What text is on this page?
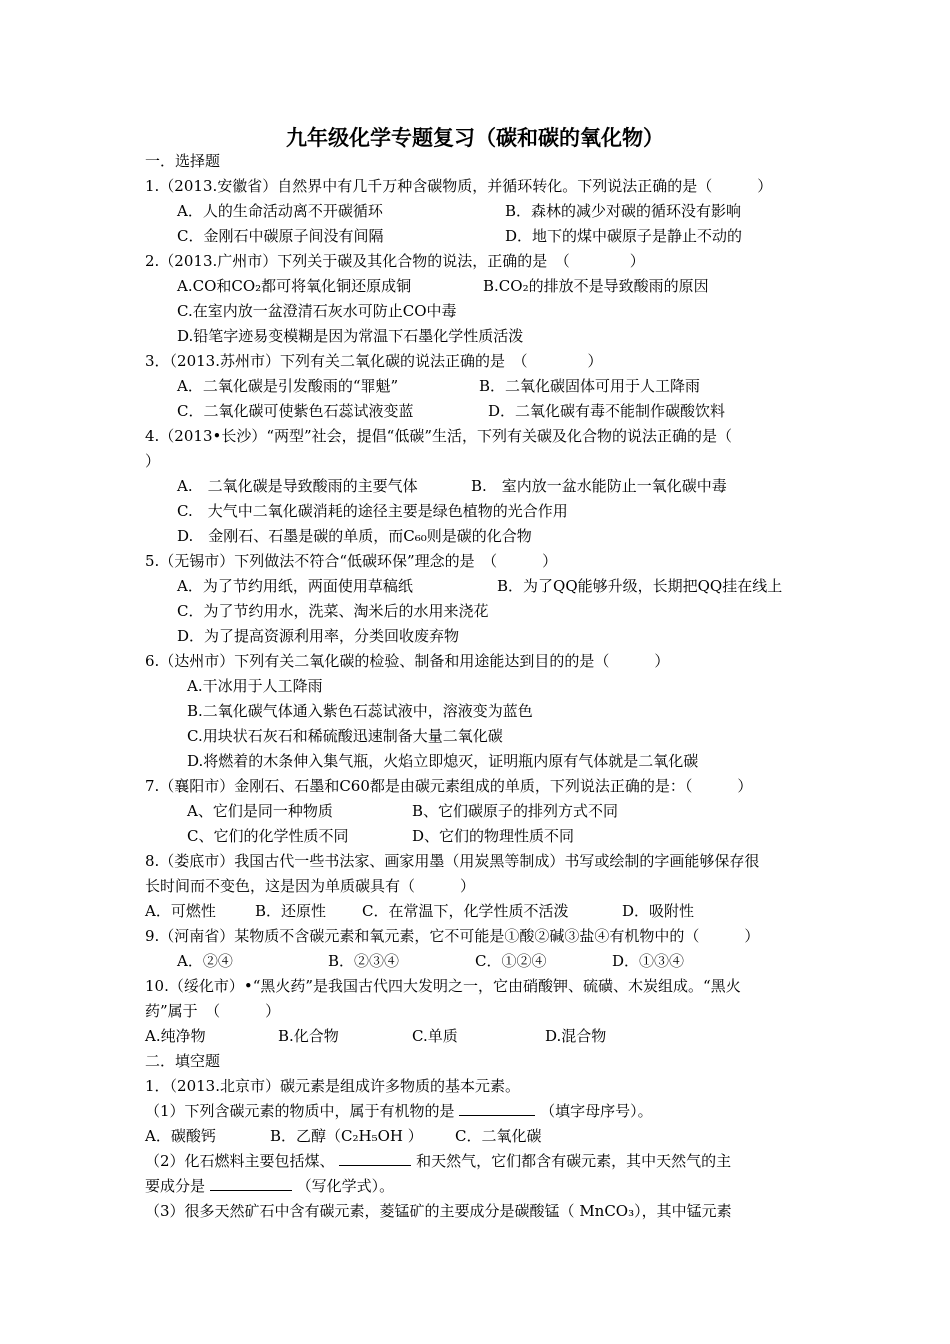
九年级化学专题复习（碳和碳的氧化物）
一．选择题
1.（2013.安徽省）自然界中有几千万种含碳物质，并循环转化。下列说法正确的是（　　　）
A．人的生命活动离不开碳循环	B．森林的减少对碳的循环没有影响
C．金刚石中碳原子间没有间隔	D．地下的煤中碳原子是静止不动的
2.（2013.广州市）下列关于碳及其化合物的说法，正确的是　（　　　　）
A.CO和CO₂都可将氧化铜还原成铜	B.CO₂的排放不是导致酸雨的原因
C.在室内放一盆澄清石灰水可防止CO中毒
D.铅笔字迹易变模糊是因为常温下石墨化学性质活泼
3．（2013.苏州市）下列有关二氧化碳的说法正确的是　（　　　　）
A．二氧化碳是引发酸雨的“罪魁”	B．二氧化碳固体可用于人工降雨
C．二氧化碳可使紫色石蕊试液变蓝	D．二氧化碳有毒不能制作碳酸饮料
4.（2013•长沙）“两型”社会，提倡“低碳”生活，下列有关碳及化合物的说法正确的是（
）
A.　二氧化碳是导致酸雨的主要气体	B.　室内放一盆水能防止一氧化碳中毒
C.　大气中二氧化碳消耗的途径主要是绿色植物的光合作用
D.　金刚石、石墨是碳的单质，而C₆₀则是碳的化合物
5.（无锡市）下列做法不符合“低碳环保”理念的是　（　　　）
A．为了节约用纸，两面使用草稿纸	B．为了QQ能够升级，长期把QQ挂在线上
C．为了节约用水，洗菜、淘米后的水用来浇花
D．为了提高资源利用率，分类回收废弃物
6.（达州市）下列有关二氧化碳的检验、制备和用途能达到目的的是（　　　）
A.干冰用于人工降雨
B.二氧化碳气体通入紫色石蕊试液中，溶液变为蓝色
C.用块状石灰石和稀硫酸迅速制备大量二氧化碳
D.将燃着的木条伸入集气瓶，火焰立即熄灭，证明瓶内原有气体就是二氧化碳
7.（襄阳市）金刚石、石墨和C60都是由碳元素组成的单质，下列说法正确的是：（　　　）
A、它们是同一种物质	B、它们碳原子的排列方式不同
C、它们的化学性质不同	D、它们的物理性质不同
8.（娄底市）我国古代一些书法家、画家用墨（用炭黑等制成）书写或绘制的字画能够保存很
长时间而不变色，这是因为单质碳具有（　　　）
A．可燃性	B．还原性 C．在常温下，化学性质不活泼	D．吸附性
9.（河南省）某物质不含碳元素和氧元素，它不可能是①酸②碱③盐④有机物中的（　　　）
A．②④	B．②③④	C．①②④	D．①③④
10.（绥化市）•“黑火药”是我国古代四大发明之一，它由硝酸钾、硫磺、木炭组成。“黑火
药”属于　（　　　）
A.纯净物	B.化合物	C.单质	D.混合物
二．填空题
1．（2013.北京市）碳元素是组成许多物质的基本元素。
（1）下列含碳元素的物质中，属于有机物的是	（填字母序号）。
A．碳酸钙	B．乙醇（C₂H₅OH ） C．二氧化碳
（2）化石燃料主要包括煤、	和天然气，它们都含有碳元素，其中天然气的主
要成分是	（写化学式）。
（3）很多天然矿石中含有碳元素，菱锰矿的主要成分是碳酸锰（ MnCO₃），其中锰元素
